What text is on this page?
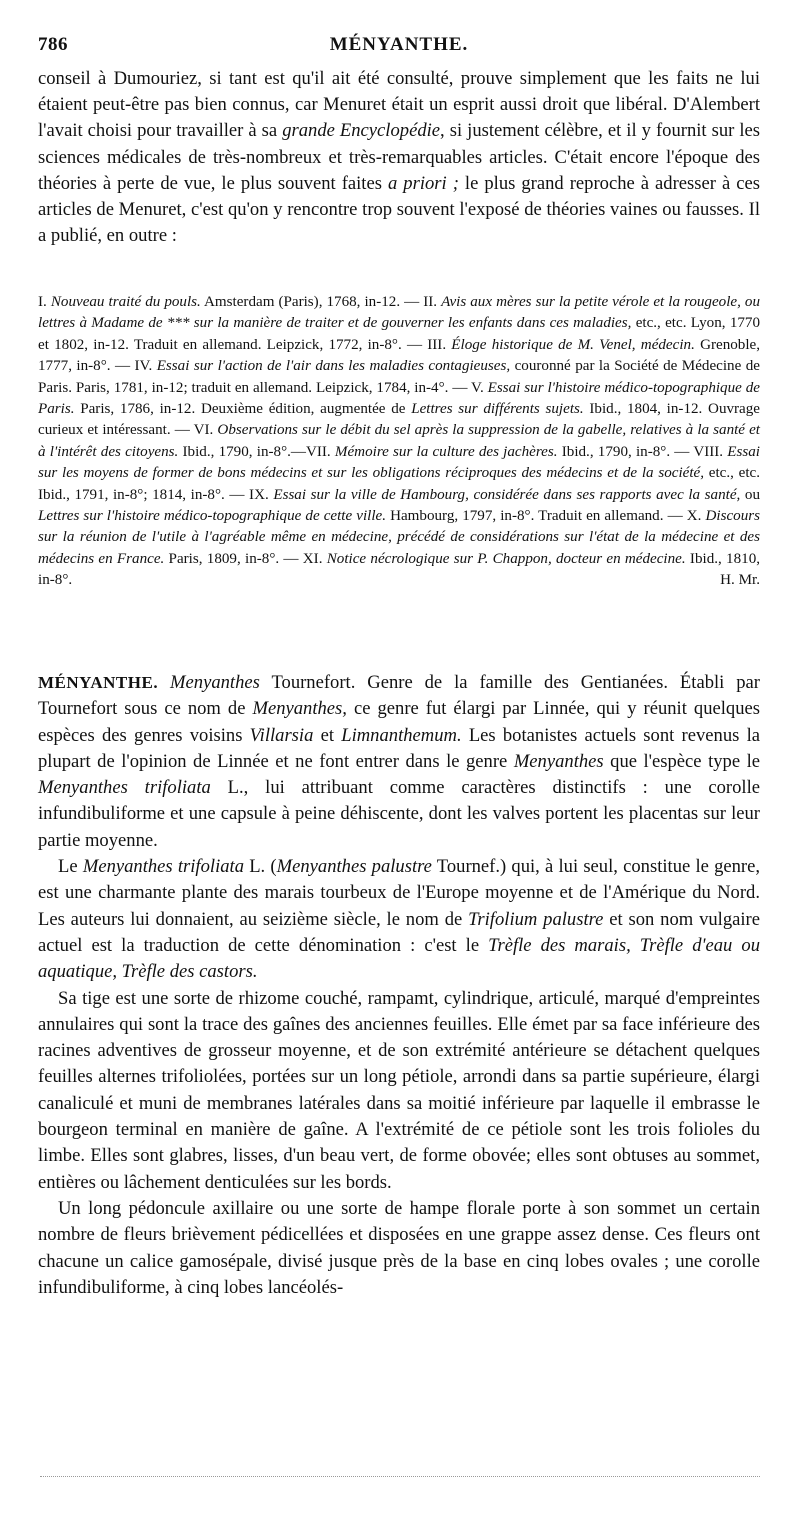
786	MÉNYANTHE.
conseil à Dumouriez, si tant est qu'il ait été consulté, prouve simplement que les faits ne lui étaient peut-être pas bien connus, car Menuret était un esprit aussi droit que libéral. D'Alembert l'avait choisi pour travailler à sa grande Encyclopédie, si justement célèbre, et il y fournit sur les sciences médicales de très-nombreux et très-remarquables articles. C'était encore l'époque des théories à perte de vue, le plus souvent faites a priori ; le plus grand reproche à adresser à ces articles de Menuret, c'est qu'on y rencontre trop souvent l'exposé de théories vaines ou fausses. Il a publié, en outre :
I. Nouveau traité du pouls. Amsterdam (Paris), 1768, in-12. — II. Avis aux mères sur la petite vérole et la rougeole, ou lettres à Madame de *** sur la manière de traiter et de gouverner les enfants dans ces maladies, etc., etc. Lyon, 1770 et 1802, in-12. Traduit en allemand. Leipzick, 1772, in-8°. — III. Éloge historique de M. Venel, médecin. Grenoble, 1777, in-8°. — IV. Essai sur l'action de l'air dans les maladies contagieuses, couronné par la Société de Médecine de Paris. Paris, 1781, in-12; traduit en allemand. Leipzick, 1784, in-4°. — V. Essai sur l'histoire médico-topographique de Paris. Paris, 1786, in-12. Deuxième édition, augmentée de Lettres sur différents sujets. Ibid., 1804, in-12. Ouvrage curieux et intéressant. — VI. Observations sur le débit du sel après la suppression de la gabelle, relatives à la santé et à l'intérêt des citoyens. Ibid., 1790, in-8°.—VII. Mémoire sur la culture des jachères. Ibid., 1790, in-8°. — VIII. Essai sur les moyens de former de bons médecins et sur les obligations réciproques des médecins et de la société, etc., etc. Ibid., 1791, in-8°; 1814, in-8°. — IX. Essai sur la ville de Hambourg, considérée dans ses rapports avec la santé, ou Lettres sur l'histoire médico-topographique de cette ville. Hambourg, 1797, in-8°. Traduit en allemand. — X. Discours sur la réunion de l'utile à l'agréable même en médecine, précédé de considérations sur l'état de la médecine et des médecins en France. Paris, 1809, in-8°. — XI. Notice nécrologique sur P. Chappon, docteur en médecine. Ibid., 1810, in-8°.	H. Mr.

MÉNYANTHE. Menyanthes Tournefort. Genre de la famille des Gentianées. Établi par Tournefort sous ce nom de Menyanthes, ce genre fut élargi par Linnée, qui y réunit quelques espèces des genres voisins Villarsia et Limnanthemum. Les botanistes actuels sont revenus la plupart de l'opinion de Linnée et ne font entrer dans le genre Menyanthes que l'espèce type le Menyanthes trifoliata L., lui attribuant comme caractères distinctifs : une corolle infundibuliforme et une capsule à peine déhiscente, dont les valves portent les placentas sur leur partie moyenne.

Le Menyanthes trifoliata L. (Menyanthes palustre Tournef.) qui, à lui seul, constitue le genre, est une charmante plante des marais tourbeux de l'Europe moyenne et de l'Amérique du Nord. Les auteurs lui donnaient, au seizième siècle, le nom de Trifolium palustre et son nom vulgaire actuel est la traduction de cette dénomination : c'est le Trèfle des marais, Trèfle d'eau ou aquatique, Trèfle des castors.

Sa tige est une sorte de rhizome couché, rampamt, cylindrique, articulé, marqué d'empreintes annulaires qui sont la trace des gaînes des anciennes feuilles. Elle émet par sa face inférieure des racines adventives de grosseur moyenne, et de son extrémité antérieure se détachent quelques feuilles alternes trifoliolées, portées sur un long pétiole, arrondi dans sa partie supérieure, élargi canaliculé et muni de membranes latérales dans sa moitié inférieure par laquelle il embrasse le bourgeon terminal en manière de gaîne. A l'extrémité de ce pétiole sont les trois folioles du limbe. Elles sont glabres, lisses, d'un beau vert, de forme obovée; elles sont obtuses au sommet, entières ou lâchement denticulées sur les bords.

Un long pédoncule axillaire ou une sorte de hampe florale porte à son sommet un certain nombre de fleurs brièvement pédicellées et disposées en une grappe assez dense. Ces fleurs ont chacune un calice gamosépale, divisé jusque près de la base en cinq lobes ovales ; une corolle infundibuliforme, à cinq lobes lancéolés-
